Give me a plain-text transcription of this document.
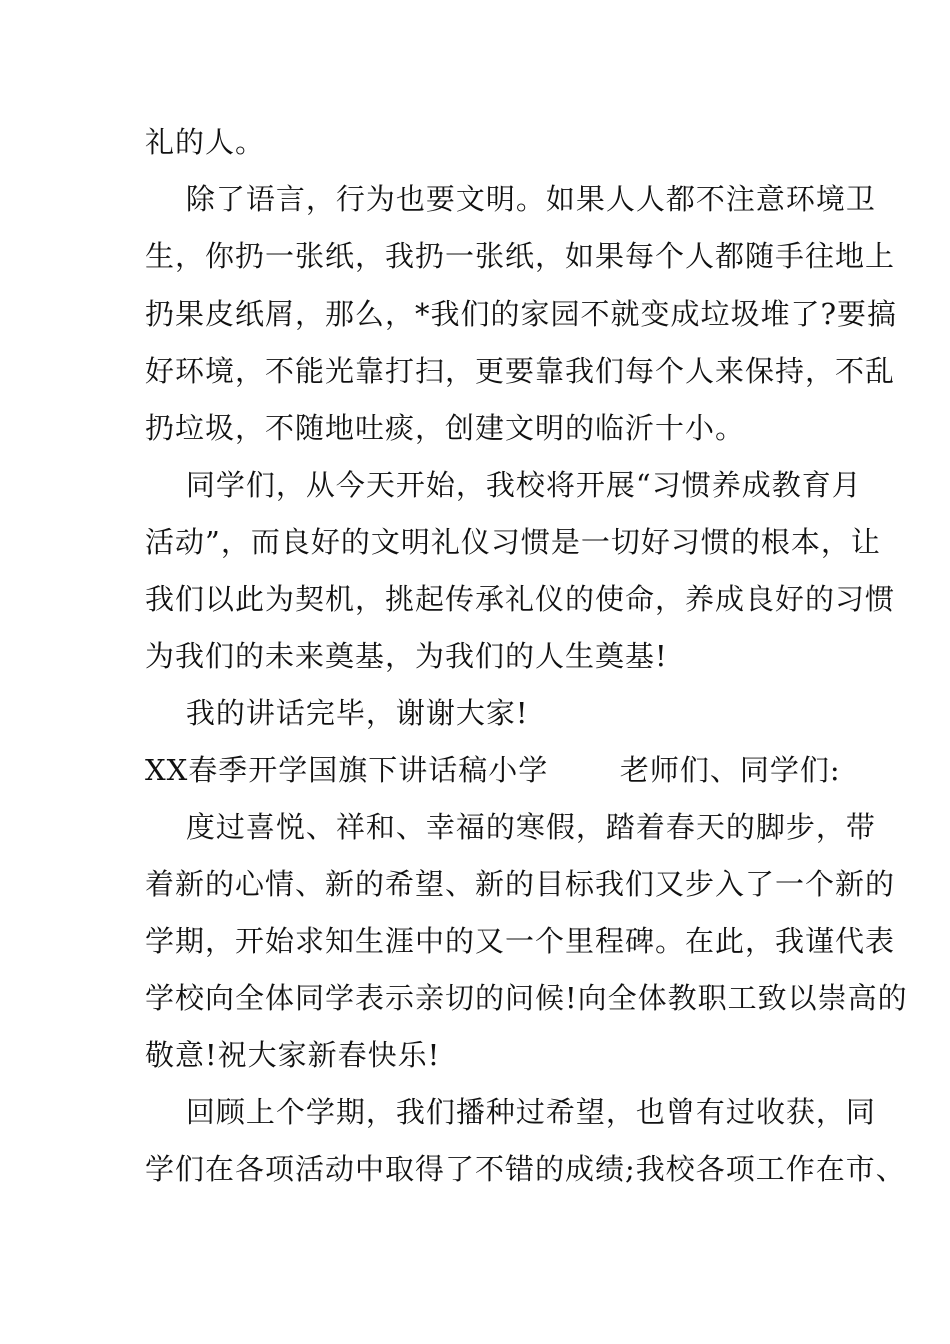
礼的人。
除了语言，行为也要文明。如果人人都不注意环境卫
生，你扔一张纸，我扔一张纸，如果每个人都随手往地上
扔果皮纸屑，那么，*我们的家园不就变成垃圾堆了?要搞
好环境，不能光靠打扫，更要靠我们每个人来保持，不乱
扔垃圾，不随地吐痰，创建文明的临沂十小。
同学们，从今天开始，我校将开展“习惯养成教育月
活动”，而良好的文明礼仪习惯是一切好习惯的根本，让
我们以此为契机，挑起传承礼仪的使命，养成良好的习惯
为我们的未来奠基，为我们的人生奠基!
我的讲话完毕，谢谢大家!
XX春季开学国旗下讲话稿小学       老师们、同学们:
度过喜悦、祥和、幸福的寒假，踏着春天的脚步，带
着新的心情、新的希望、新的目标我们又步入了一个新的
学期，开始求知生涯中的又一个里程碑。在此，我谨代表
学校向全体同学表示亲切的问候!向全体教职工致以崇高的
敬意!祝大家新春快乐!
回顾上个学期，我们播种过希望，也曾有过收获，同
学们在各项活动中取得了不错的成绩;我校各项工作在市、
